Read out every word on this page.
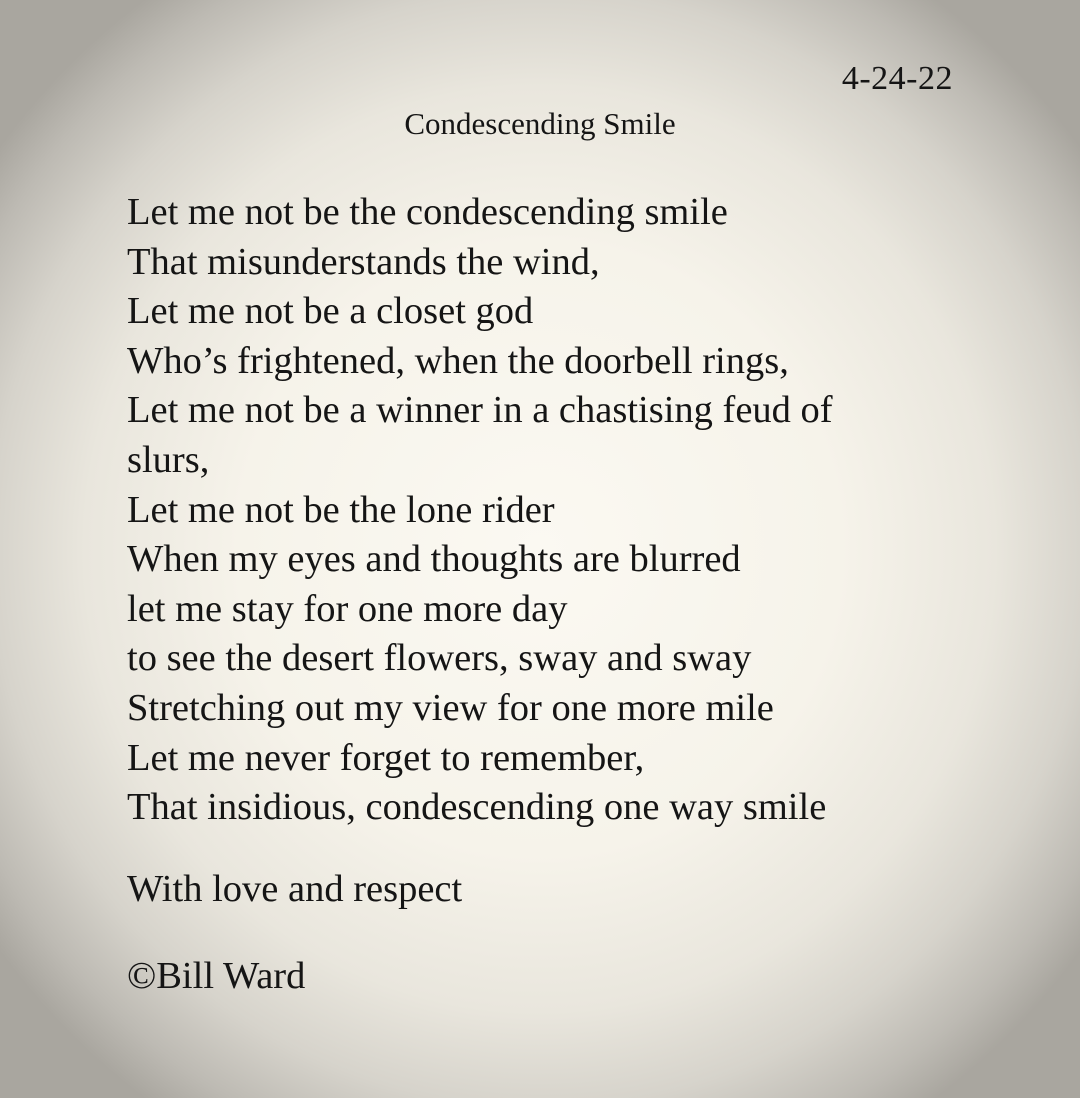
4-24-22
Condescending Smile
Let me not be the condescending smile
That misunderstands the wind,
Let me not be a closet god
Who’s frightened, when the doorbell rings,
Let me not be a winner in a chastising feud of
slurs,
Let me not be the lone rider
When my eyes and thoughts are blurred
let me stay for one more day
to see the desert flowers, sway and sway
Stretching out my view for one more mile
Let me never forget to remember,
That insidious, condescending one way smile
With love and respect
©Bill Ward
